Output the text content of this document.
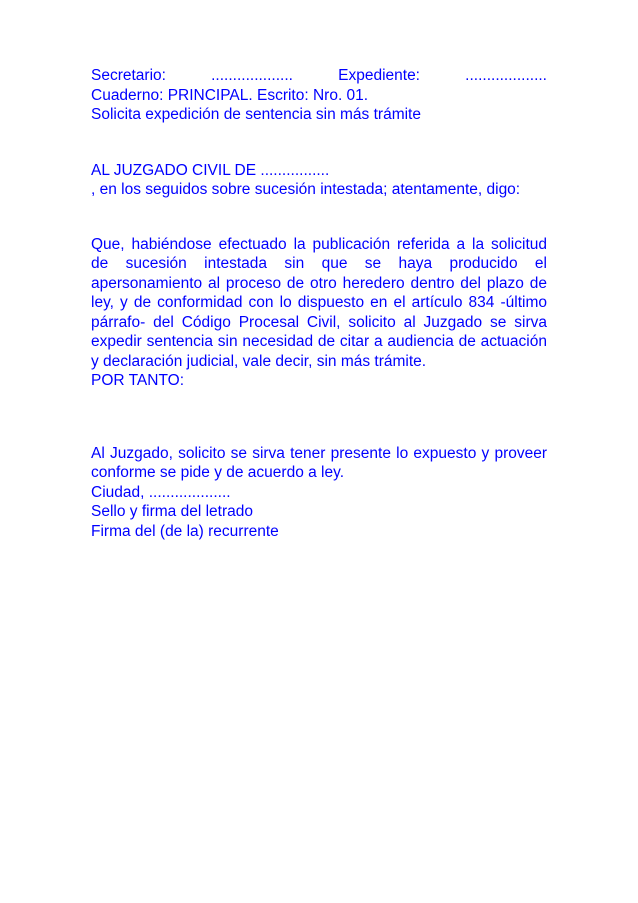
Secretario:	...................	Expediente:	...................
Cuaderno: PRINCIPAL. Escrito: Nro. 01.
Solicita expedición de sentencia sin más trámite
AL JUZGADO CIVIL DE ................

, en los seguidos sobre sucesión intestada; atentamente, digo:

Que, habiéndose efectuado la publicación referida a la solicitud de sucesión intestada sin que se haya producido el apersonamiento al proceso de otro heredero dentro del plazo de ley, y de conformidad con lo dispuesto en el artículo 834 -último párrafo- del Código Procesal Civil, solicito al Juzgado se sirva expedir sentencia sin necesidad de citar a audiencia de actuación y declaración judicial, vale decir, sin más trámite.

POR TANTO:

Al Juzgado, solicito se sirva tener presente lo expuesto y proveer conforme se pide y de acuerdo a ley.

Ciudad, ...................
Sello y firma del letrado
Firma del (de la) recurrente
